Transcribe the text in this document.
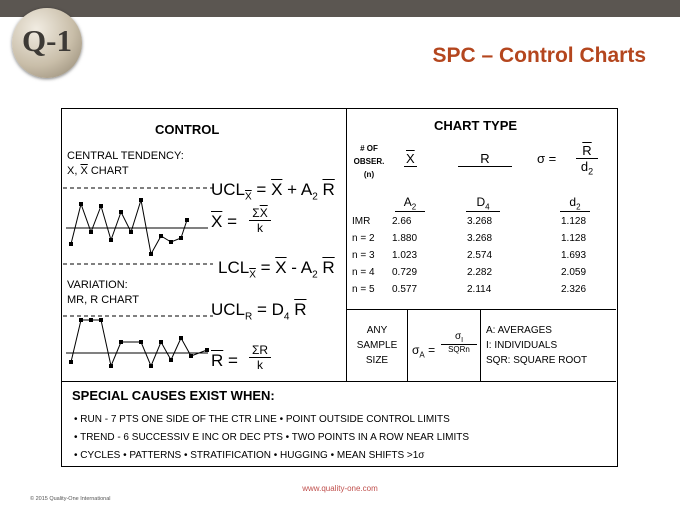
Q-1	SPC – Control Charts
CONTROL
CENTRAL TENDENCY:
X, $\overline{X}$ CHART
$UCL_{\overline{X}} = \overline{X} + A_2$ $\overline{R}$
$\overline{X} = \Sigma\overline{X}$
k
$LCL_{\overline{X}} = \overline{X} - A_2$ $\overline{R}$
VARIATION:
MR, R CHART	$UCL_R = D_4$ $\overline{R}$
$\overline{R}$ =
ΣR
k
CHART TYPE
# OF
OBSER.
(n)
$\overline{X}$	R	σ =
$\overline{R}$
$d_2$
$A_2$	$D_4$	$d_2$
IMR 2.66	3.268	1.128
n = 2 1.880	3.268	1.128
n = 3 1.023	2.574	1.693
n = 4 0.729	2.282	2.059
n = 5 0.577	2.114	2.326
ANY
SAMPLE
SIZE
$\sigma_A$ =
$\sigma_I$
SQRn
A: AVERAGES
I: INDIVIDUALS
SQR: SQUARE ROOT
SPECIAL CAUSES EXIST WHEN:
• RUN - 7 PTS ONE SIDE OF THE CTR LINE • POINT OUTSIDE CONTROL LIMITS
• TREND - 6 SUCCESSIV E INC OR DEC PTS • TWO POINTS IN A ROW NEAR LIMITS
• CYCLES • PATTERNS • STRATIFICATION • HUGGING • MEAN SHIFTS >1σ
www.quality-one.com
© 2015 Quality-One International
